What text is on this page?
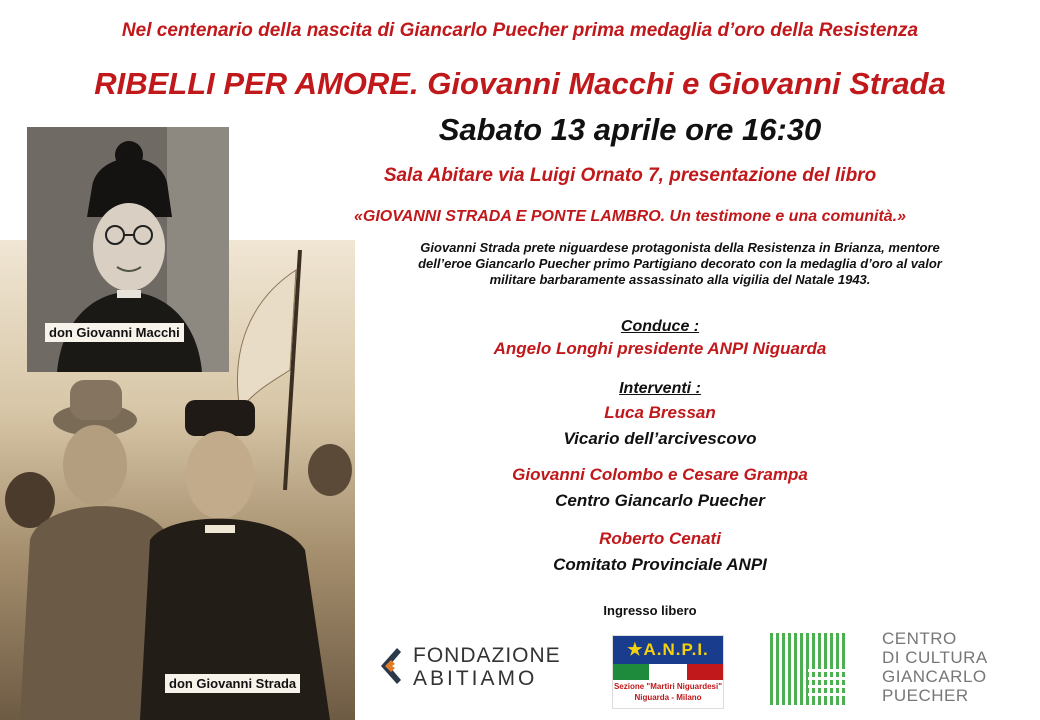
Nel centenario della nascita di Giancarlo Puecher prima medaglia d’oro della Resistenza
RIBELLI PER AMORE. Giovanni Macchi e Giovanni Strada
Sabato 13 aprile ore 16:30
Sala Abitare via Luigi Ornato 7, presentazione del libro
«GIOVANNI STRADA E PONTE LAMBRO. Un testimone e una comunità.»
Giovanni Strada prete niguardese protagonista della Resistenza in Brianza, mentore
dell’eroe Giancarlo Puecher primo Partigiano decorato con la medaglia d’oro al valor
militare barbaramente assassinato alla vigilia del Natale 1943.
Conduce :
Angelo Longhi presidente ANPI Niguarda
Interventi :
Luca Bressan
Vicario dell’arcivescovo
Giovanni Colombo e Cesare Grampa
Centro Giancarlo Puecher
Roberto Cenati
Comitato Provinciale ANPI
Ingresso libero
don Giovanni Strada
don Giovanni Macchi
FONDAZIONE
ABITIAMO
★A.N.P.I.
Sezione "Martiri Niguardesi"
Niguarda - Milano
CENTRO
DI CULTURA
GIANCARLO
PUECHER
